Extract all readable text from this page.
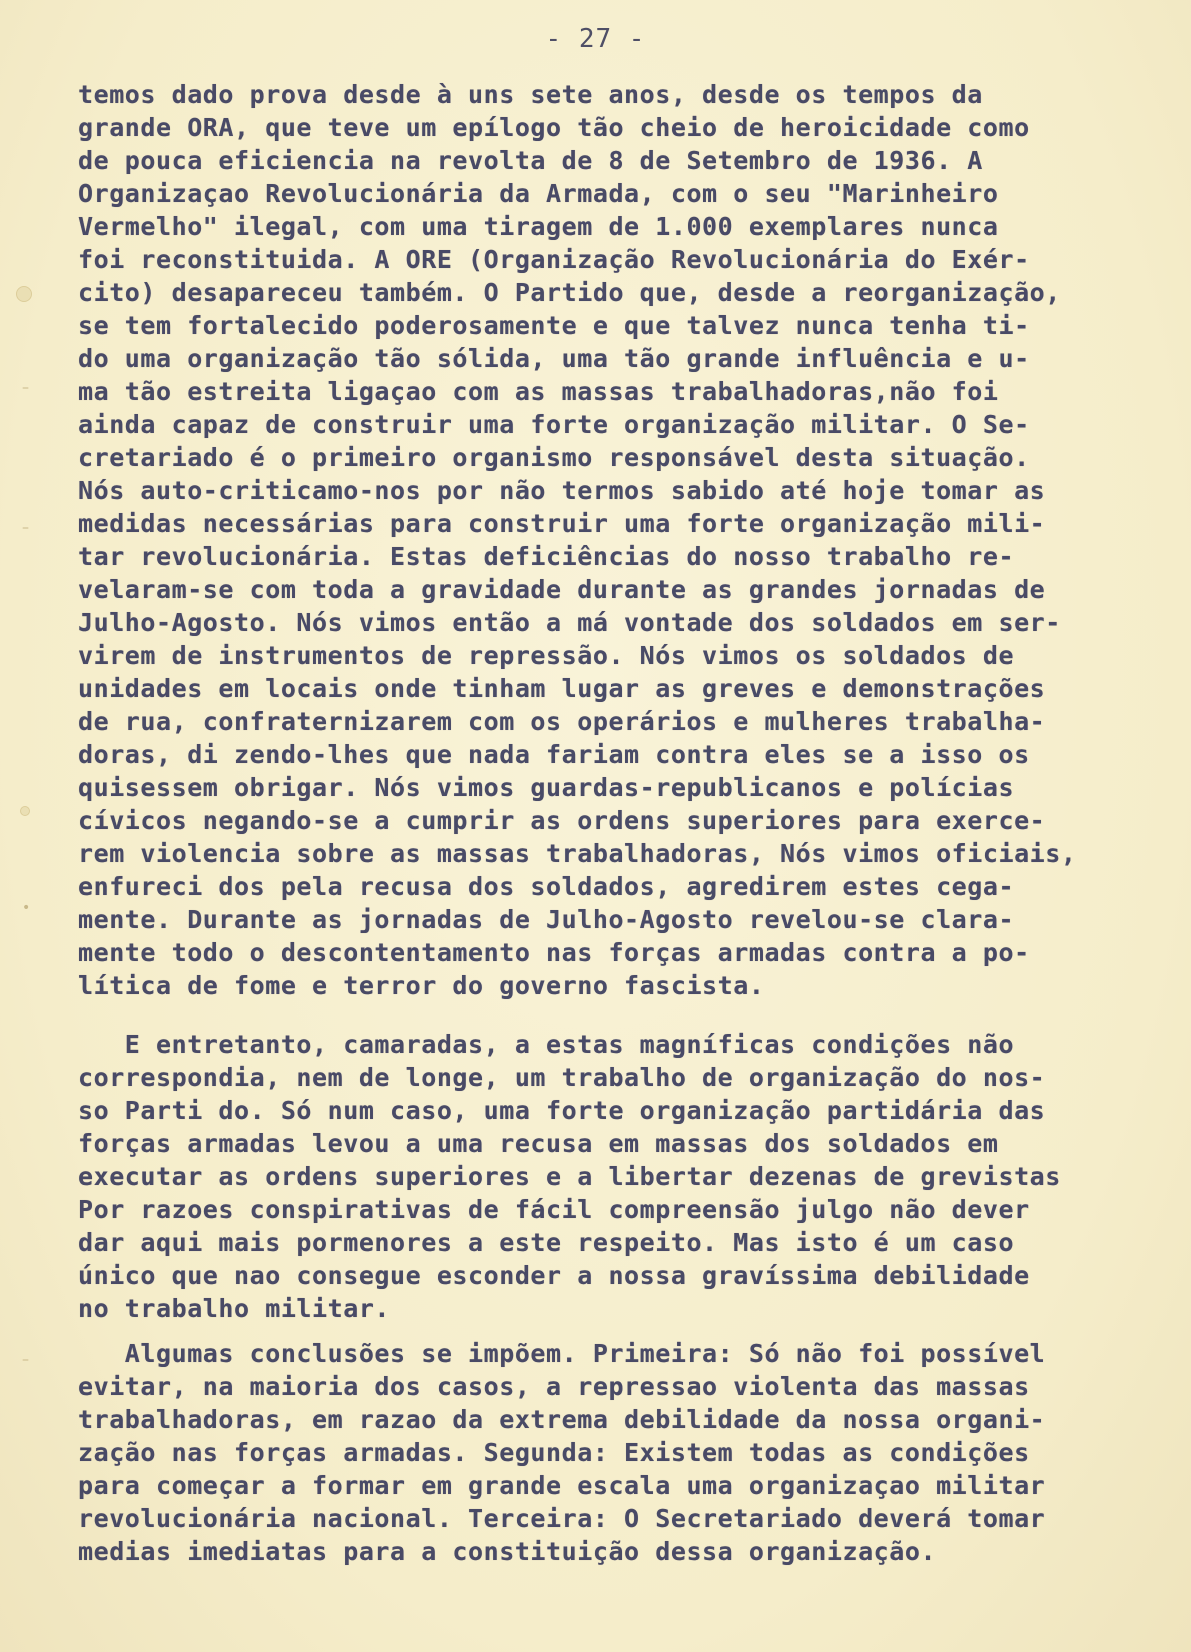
–
–
•
–
- 27 -
temos dado prova desde à uns sete anos, desde os tempos da
grande ORA, que teve um epílogo tão cheio de heroicidade como
de pouca eficiencia na revolta de 8 de Setembro de 1936. A
Organizaçao Revolucionária da Armada, com o seu "Marinheiro
Vermelho" ilegal, com uma tiragem de 1.000 exemplares nunca
foi reconstituida. A ORE (Organização Revolucionária do Exér-
cito) desapareceu também. O Partido que, desde a reorganização,
se tem fortalecido poderosamente e que talvez nunca tenha ti-
do uma organização tão sólida, uma tão grande influência e u-
ma tão estreita ligaçao com as massas trabalhadoras,não foi
ainda capaz de construir uma forte organização militar. O Se-
cretariado é o primeiro organismo responsável desta situação.
Nós auto-criticamo-nos por não termos sabido até hoje tomar as
medidas necessárias para construir uma forte organização mili-
tar revolucionária. Estas deficiências do nosso trabalho re-
velaram-se com toda a gravidade durante as grandes jornadas de
Julho-Agosto. Nós vimos então a má vontade dos soldados em ser-
virem de instrumentos de repressão. Nós vimos os soldados de
unidades em locais onde tinham lugar as greves e demonstrações
de rua, confraternizarem com os operários e mulheres trabalha-
doras, di zendo-lhes que nada fariam contra eles se a isso os
quisessem obrigar. Nós vimos guardas-republicanos e polícias
cívicos negando-se a cumprir as ordens superiores para exerce-
rem violencia sobre as massas trabalhadoras, Nós vimos oficiais,
enfureci dos pela recusa dos soldados, agredirem estes cega-
mente. Durante as jornadas de Julho-Agosto revelou-se clara-
mente todo o descontentamento nas forças armadas contra a po-
lítica de fome e terror do governo fascista.
E entretanto, camaradas, a estas magníficas condições não
correspondia, nem de longe, um trabalho de organização do nos-
so Parti do. Só num caso, uma forte organização partidária das
forças armadas levou a uma recusa em massas dos soldados em
executar as ordens superiores e a libertar dezenas de grevistas
Por razoes conspirativas de fácil compreensão julgo não dever
dar aqui mais pormenores a este respeito. Mas isto é um caso
único que nao consegue esconder a nossa gravíssima debilidade
no trabalho militar.
Algumas conclusões se impõem. Primeira: Só não foi possível
evitar, na maioria dos casos, a repressao violenta das massas
trabalhadoras, em razao da extrema debilidade da nossa organi-
zação nas forças armadas. Segunda: Existem todas as condições
para começar a formar em grande escala uma organizaçao militar
revolucionária nacional. Terceira: O Secretariado deverá tomar
medias imediatas para a constituição dessa organização.
